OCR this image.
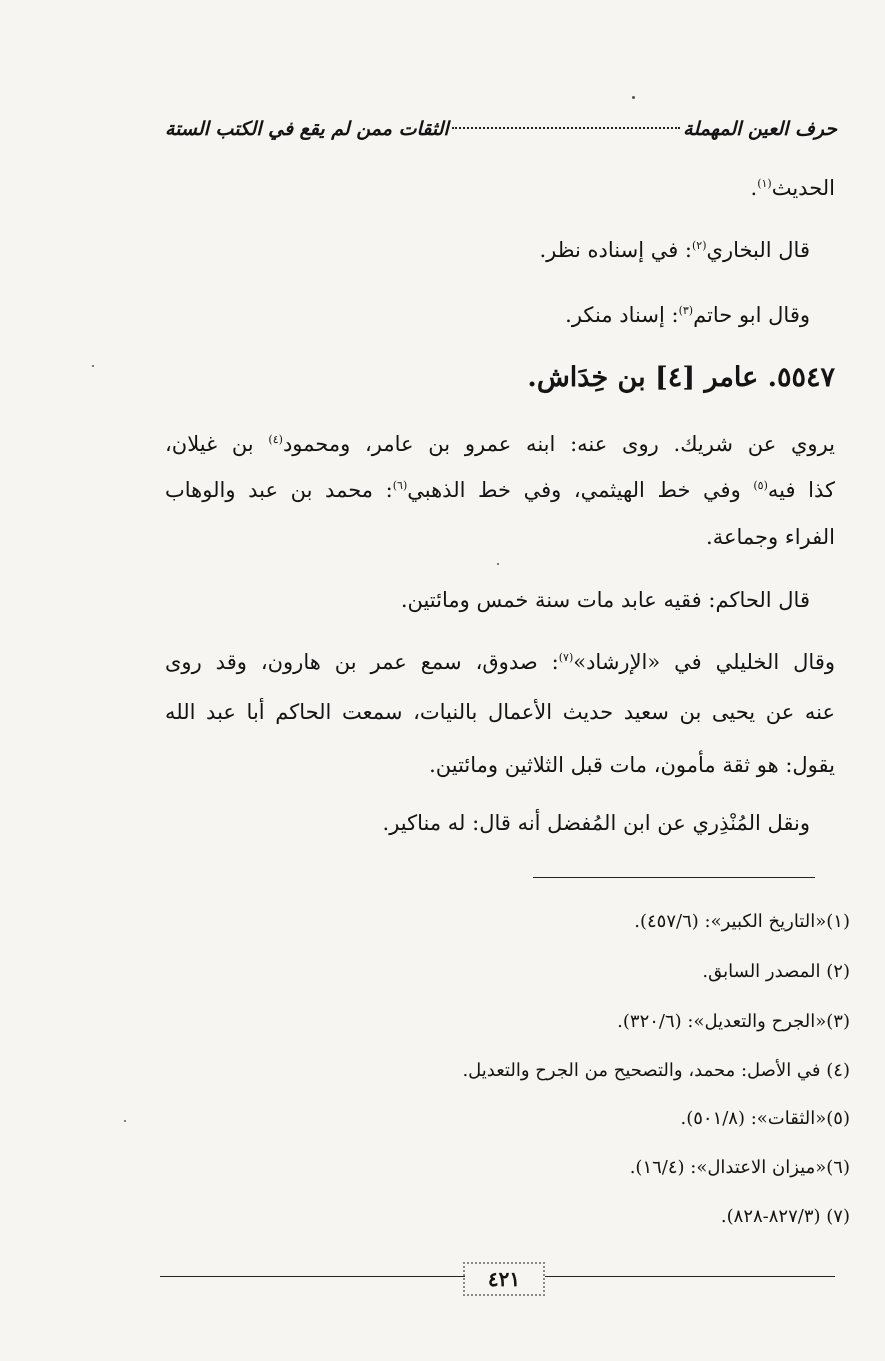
حرف العين المهملة
الثقات ممن لم يقع في الكتب الستة
الحديث$^{(١)}$.
قال البخاري$^{(٢)}$: في إسناده نظر.
وقال ابو حاتم$^{(٣)}$: إسناد منكر.
٥٥٤٧. عامر [٤] بن خِدَاش.
يروي عن شريك. روى عنه: ابنه عمرو بن عامر، ومحمود$^{(٤)}$ بن غيلان،
كذا فيه$^{(٥)}$ وفي خط الهيثمي، وفي خط الذهبي$^{(٦)}$: محمد بن عبد والوهاب
الفراء وجماعة.
قال الحاكم: فقيه عابد مات سنة خمس ومائتين.
وقال الخليلي في «الإرشاد»$^{(٧)}$: صدوق، سمع عمر بن هارون، وقد روى
عنه عن يحيى بن سعيد حديث الأعمال بالنيات، سمعت الحاكم أبا عبد الله
يقول: هو ثقة مأمون، مات قبل الثلاثين ومائتين.
ونقل المُنْذِري عن ابن المُفضل أنه قال: له مناكير.
(١)«التاريخ الكبير»: (٤٥٧/٦).
(٢) المصدر السابق.
(٣)«الجرح والتعديل»: (٣٢٠/٦).
(٤) في الأصل: محمد، والتصحيح من الجرح والتعديل.
(٥)«الثقات»: (٥٠١/٨).
(٦)«ميزان الاعتدال»: (١٦/٤).
(٧) (٨٢٧/٣-٨٢٨).
٤٢١
